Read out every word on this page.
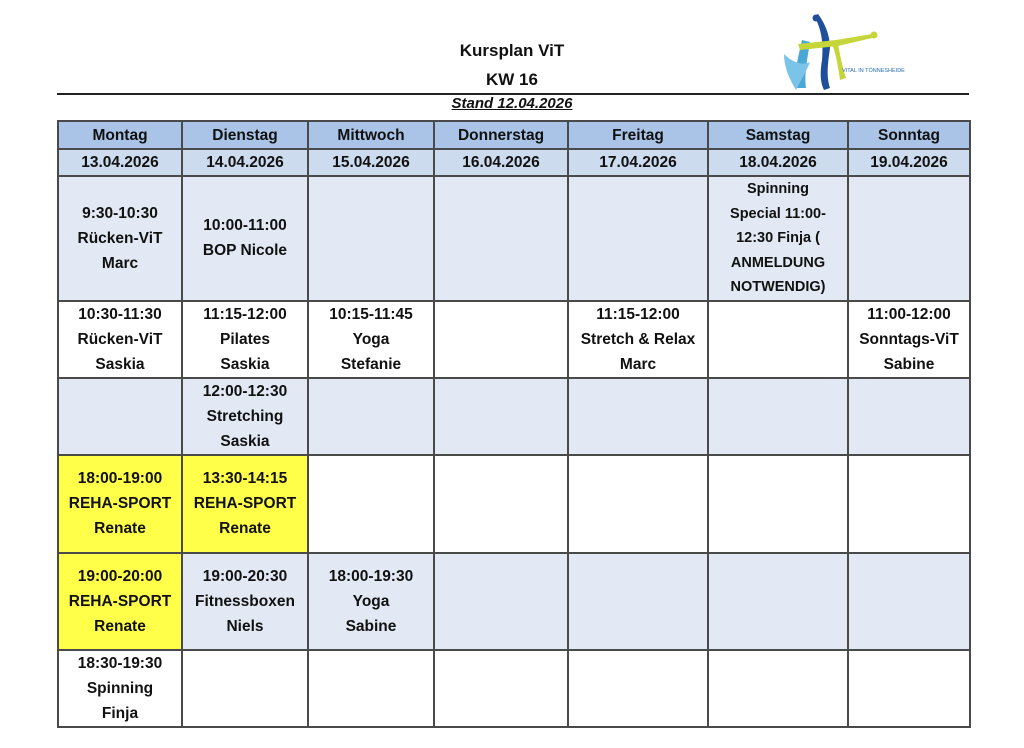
Kursplan ViT
KW 16
Stand 12.04.2026
VITAL IN TÖNNESHEIDE
Montag	Dienstag	Mittwoch	Donnerstag	Freitag	Samstag	Sonntag
13.04.2026	14.04.2026	15.04.2026	16.04.2026	17.04.2026	18.04.2026	19.04.2026

9:30-10:30
Rücken-ViT
Marc	10:00-11:00
BOP Nicole				Spinning
Special 11:00-
12:30 Finja (
ANMELDUNG
NOTWENDIG)	

10:30-11:30
Rücken-ViT
Saskia	11:15-12:00
Pilates
Saskia	10:15-11:45
Yoga
Stefanie		11:15-12:00
Stretch & Relax
Marc		11:00-12:00
Sonntags-ViT
Sabine

	12:00-12:30
Stretching
Saskia					

18:00-19:00
REHA-SPORT
Renate	13:30-14:15
REHA-SPORT
Renate					

19:00-20:00
REHA-SPORT
Renate	19:00-20:30
Fitnessboxen
Niels	18:00-19:30
Yoga
Sabine				

18:30-19:30
Spinning
Finja						
